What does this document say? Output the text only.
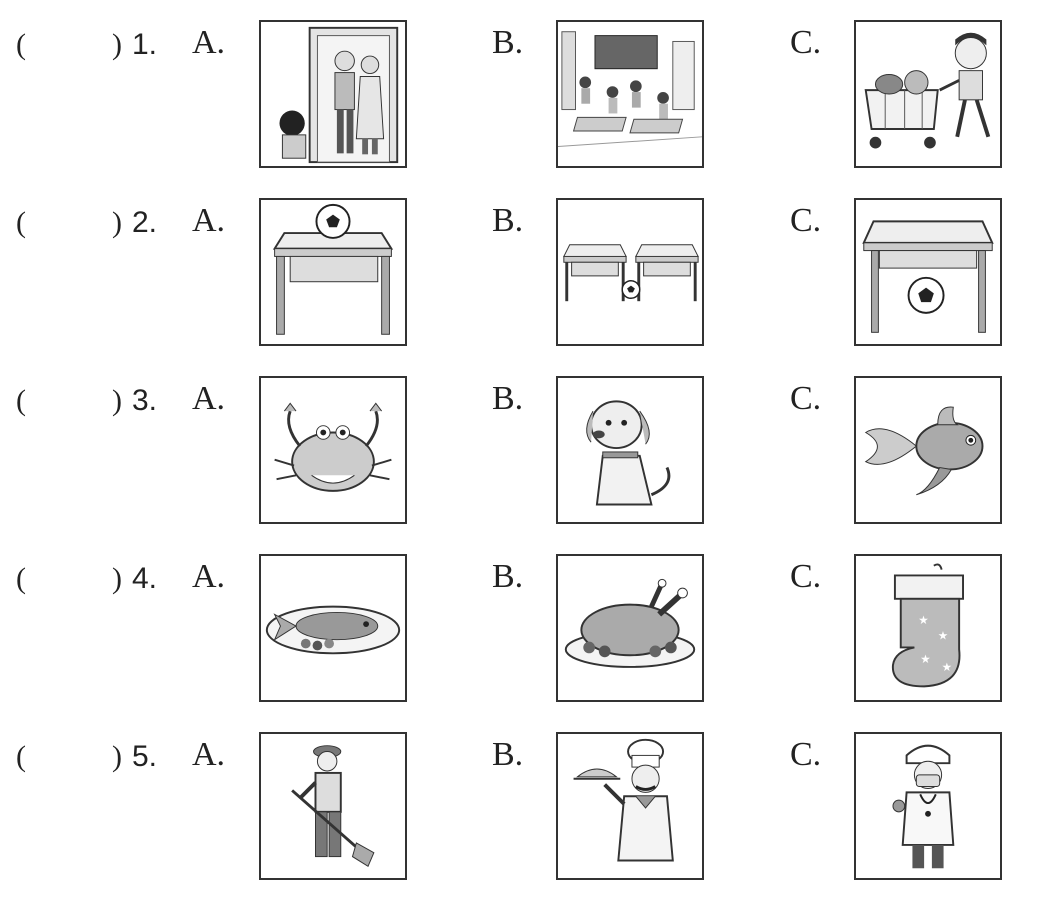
(	) 1. A.	B.	C.
(	) 2. A.	B.	C.
(	) 3. A.	B.	C.
(	) 4. A.	B.	C.
★
★
★
★
(	) 5. A.	B.	C.
